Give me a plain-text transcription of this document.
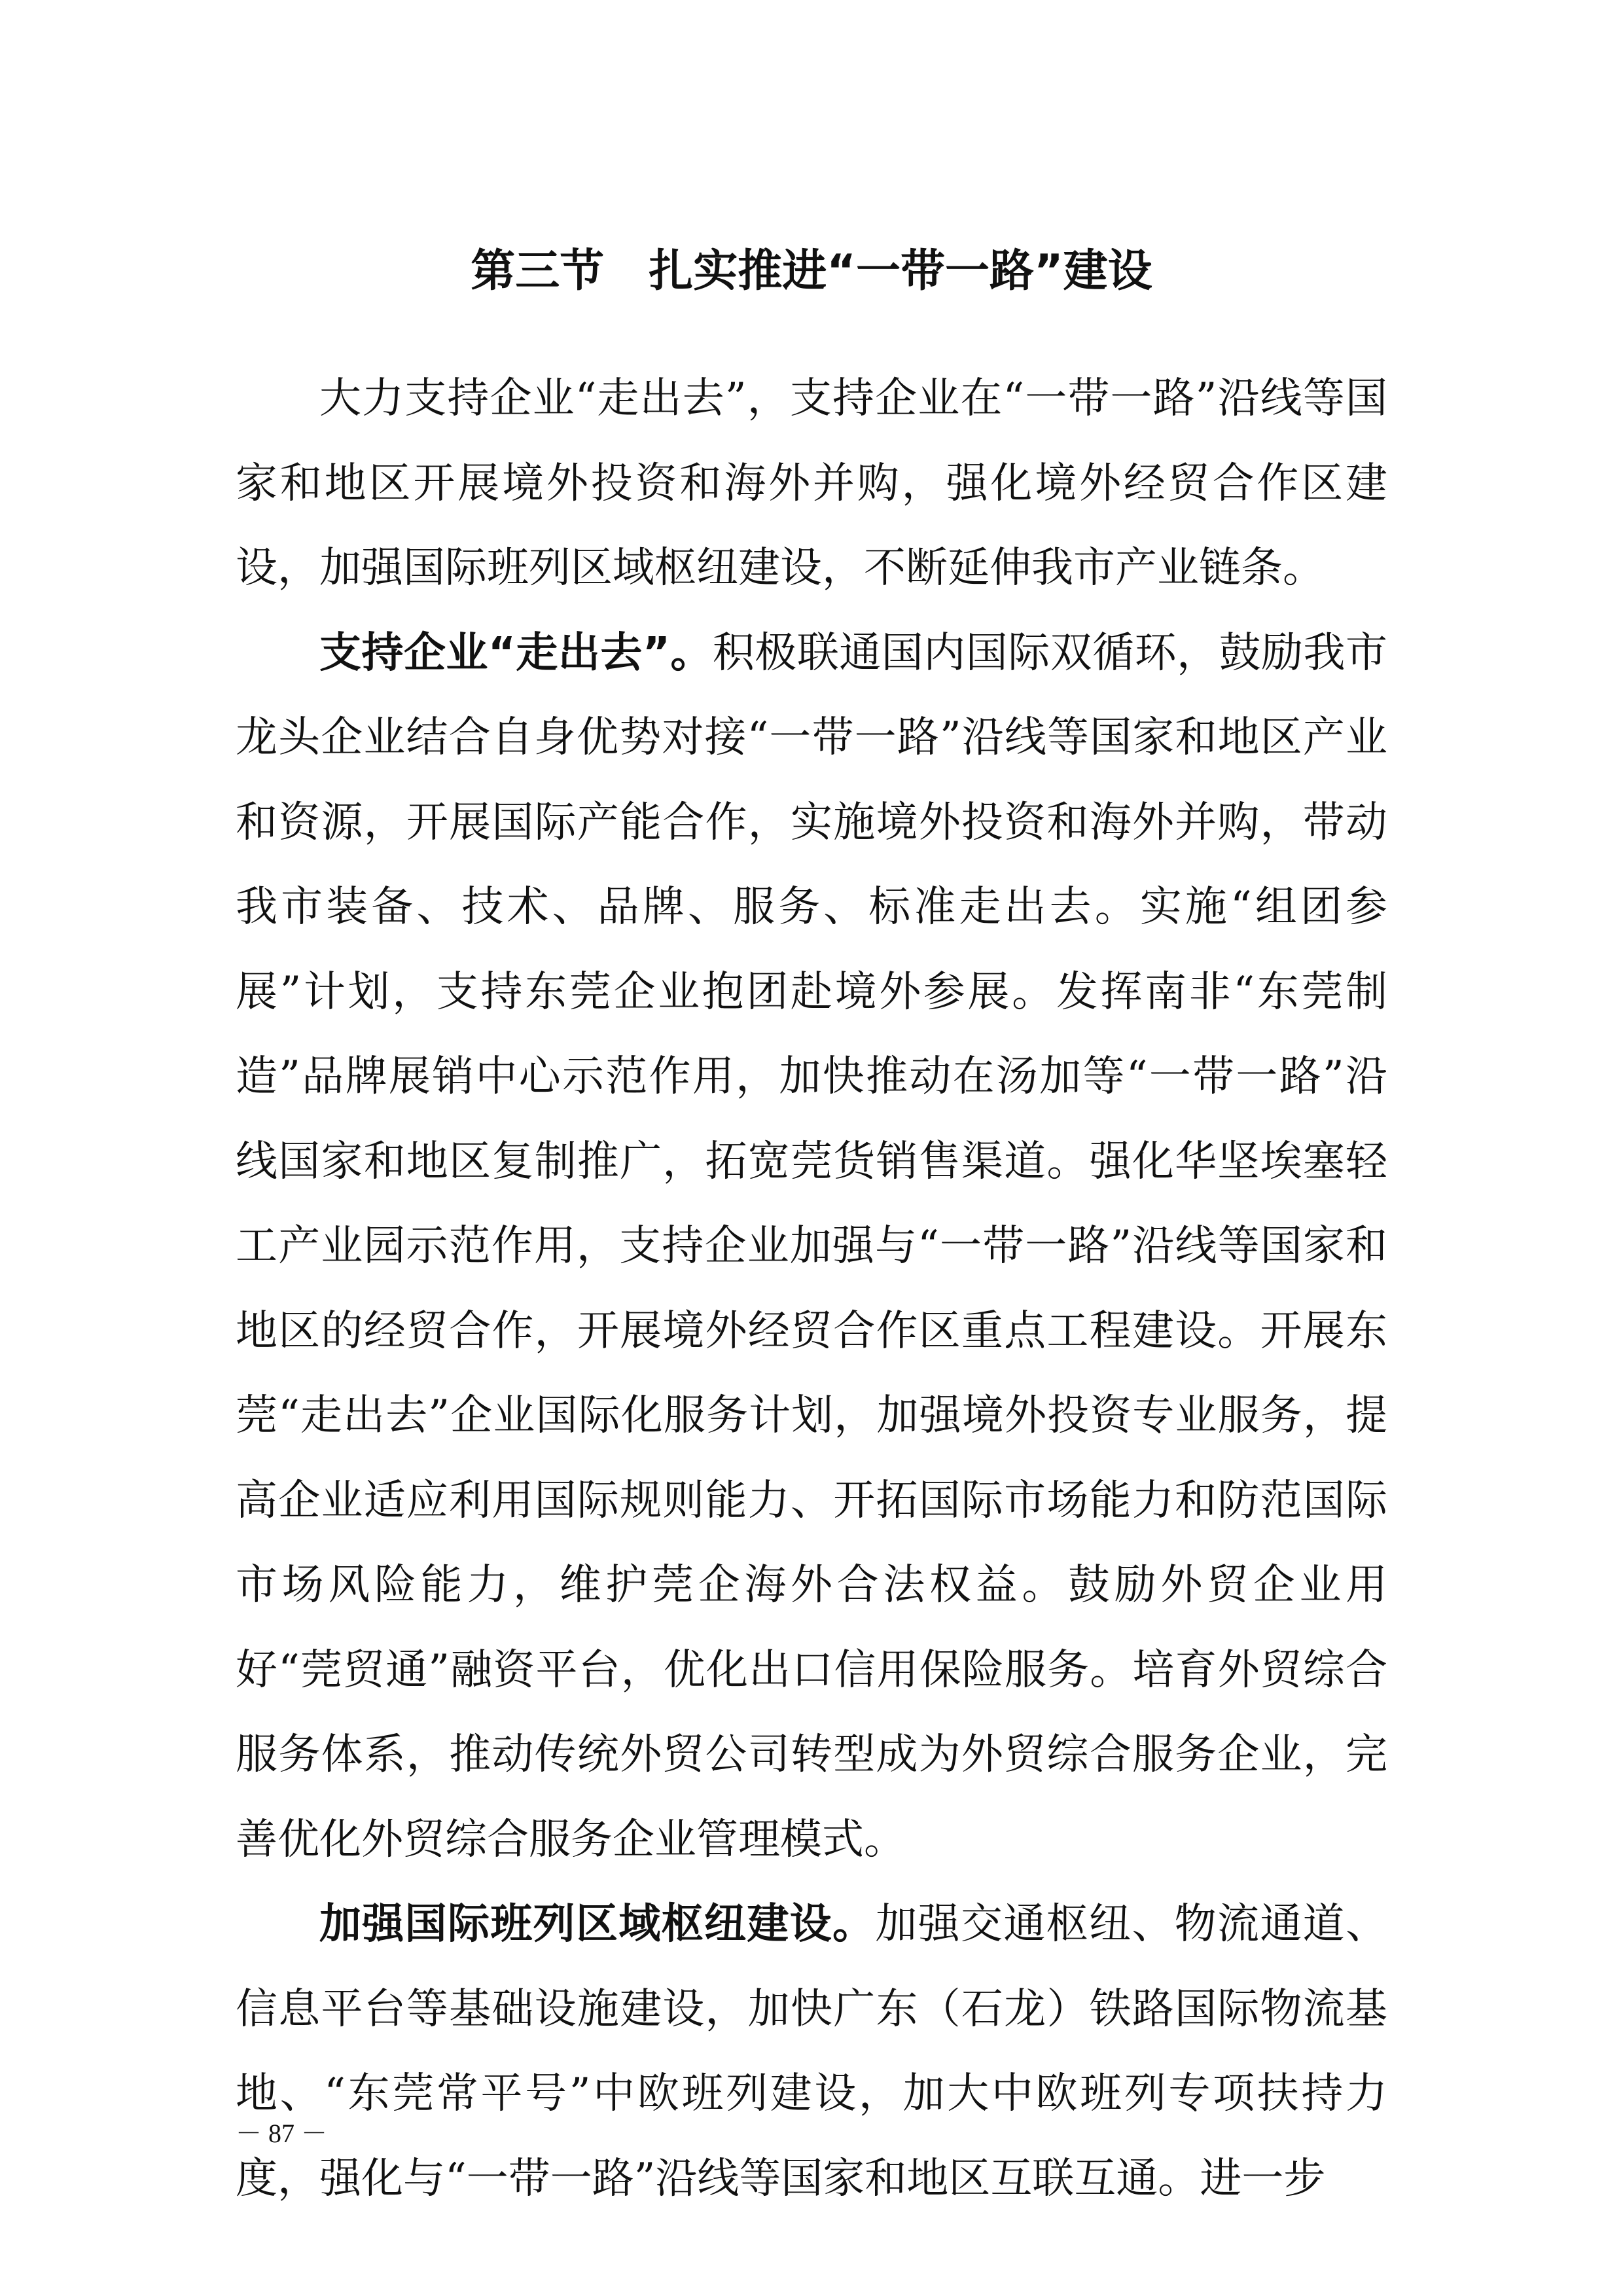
第三节　扎实推进“一带一路”建设

大力支持企业“走出去”，支持企业在“一带一路”沿线等国家和地区开展境外投资和海外并购，强化境外经贸合作区建设，加强国际班列区域枢纽建设，不断延伸我市产业链条。

支持企业“走出去”。积极联通国内国际双循环，鼓励我市龙头企业结合自身优势对接“一带一路”沿线等国家和地区产业和资源，开展国际产能合作，实施境外投资和海外并购，带动我市装备、技术、品牌、服务、标准走出去。实施“组团参展”计划，支持东莞企业抱团赴境外参展。发挥南非“东莞制造”品牌展销中心示范作用，加快推动在汤加等“一带一路”沿线国家和地区复制推广，拓宽莞货销售渠道。强化华坚埃塞轻工产业园示范作用，支持企业加强与“一带一路”沿线等国家和地区的经贸合作，开展境外经贸合作区重点工程建设。开展东莞“走出去”企业国际化服务计划，加强境外投资专业服务，提高企业适应利用国际规则能力、开拓国际市场能力和防范国际市场风险能力，维护莞企海外合法权益。鼓励外贸企业用好“莞贸通”融资平台，优化出口信用保险服务。培育外贸综合服务体系，推动传统外贸公司转型成为外贸综合服务企业，完善优化外贸综合服务企业管理模式。

加强国际班列区域枢纽建设。加强交通枢纽、物流通道、信息平台等基础设施建设，加快广东（石龙）铁路国际物流基地、“东莞常平号”中欧班列建设，加大中欧班列专项扶持力度，强化与“一带一路”沿线等国家和地区互联互通。进一步

－ 87 －
